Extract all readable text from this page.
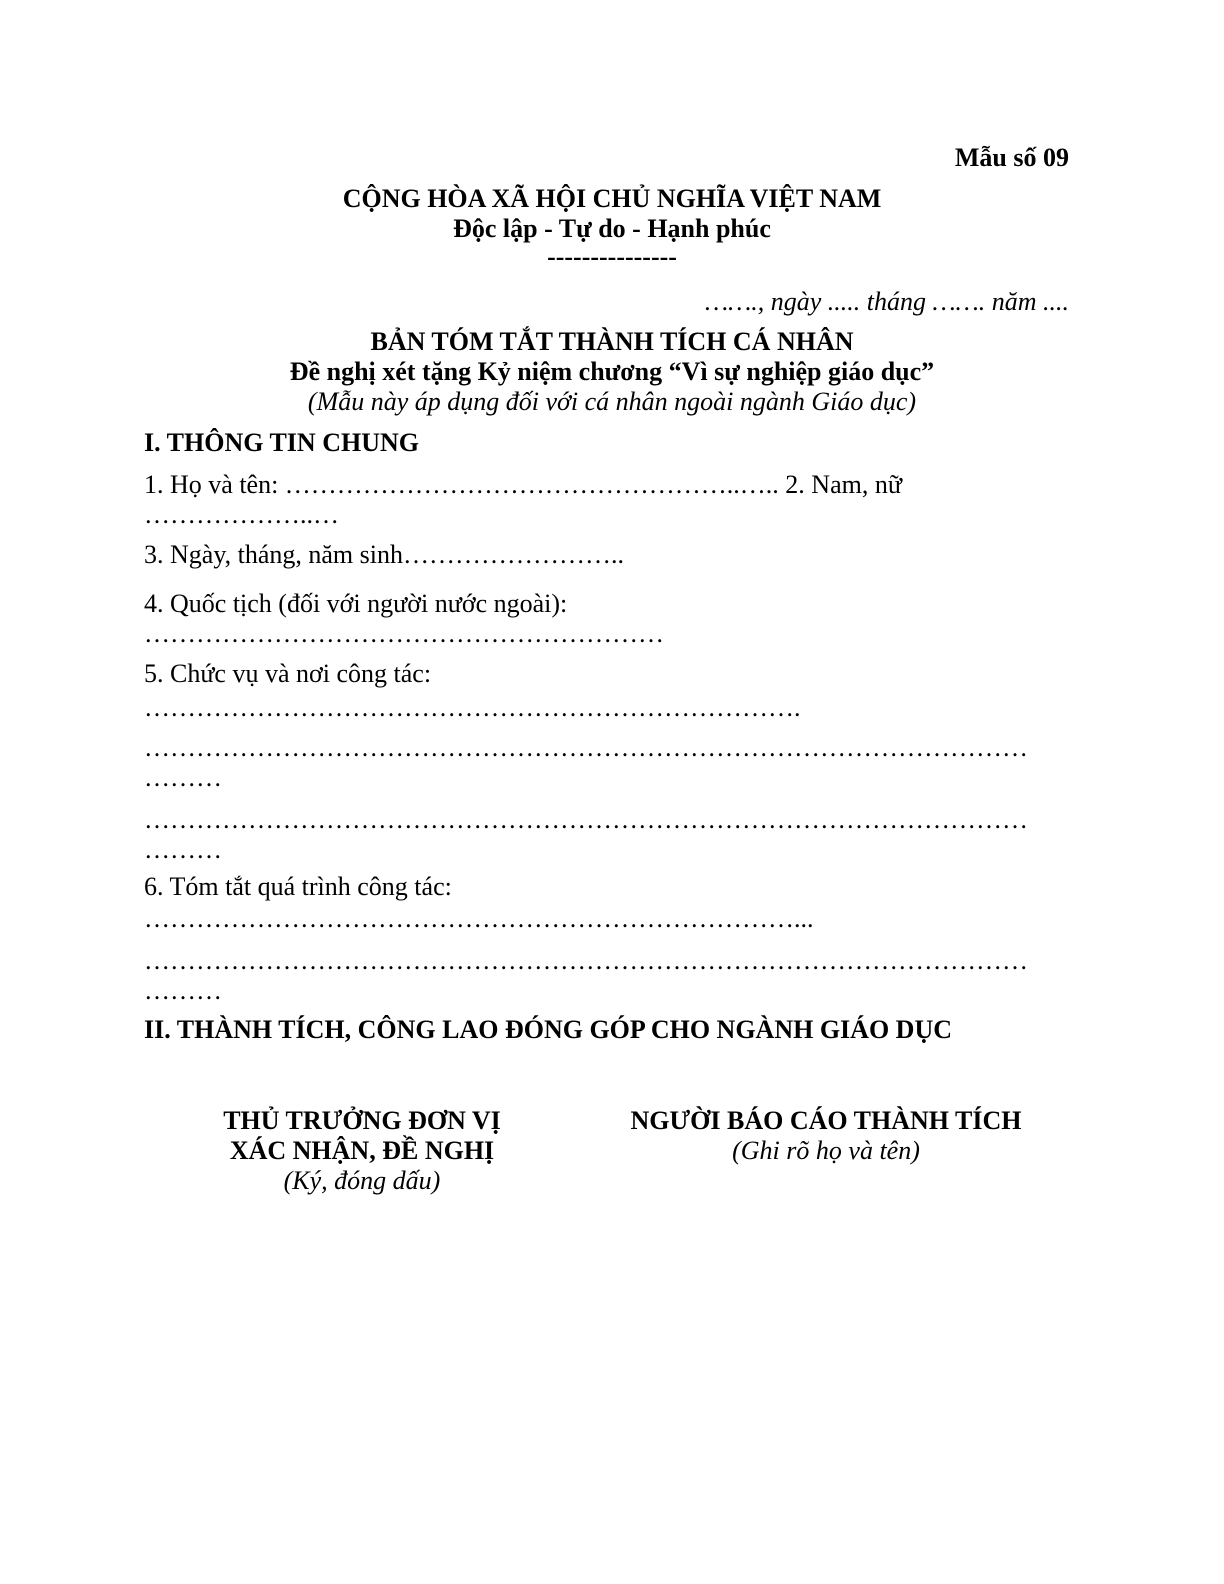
Mẫu số 09
CỘNG HÒA XÃ HỘI CHỦ NGHĨA VIỆT NAM
Độc lập - Tự do - Hạnh phúc
---------------
……., ngày ..... tháng ……. năm ....
BẢN TÓM TẮT THÀNH TÍCH CÁ NHÂN
Đề nghị xét tặng Kỷ niệm chương “Vì sự nghiệp giáo dục”
(Mẫu này áp dụng đối với cá nhân ngoài ngành Giáo dục)
I. THÔNG TIN CHUNG
1. Họ và tên: ……………………………………………..….. 2. Nam, nữ
………………..…
3. Ngày, tháng, năm sinh……………………..
4. Quốc tịch (đối với người nước ngoài):
……………………………………………………
5. Chức vụ và nơi công tác:
………………………………………………………………….
…………………………………………………………………………………………
………
…………………………………………………………………………………………
………
6. Tóm tắt quá trình công tác:
…………………………………………………………………...
…………………………………………………………………………………………
………
II. THÀNH TÍCH, CÔNG LAO ĐÓNG GÓP CHO NGÀNH GIÁO DỤC
THỦ TRƯỞNG ĐƠN VỊ
XÁC NHẬN, ĐỀ NGHỊ
(Ký, đóng dấu)
NGƯỜI BÁO CÁO THÀNH TÍCH
(Ghi rõ họ và tên)
